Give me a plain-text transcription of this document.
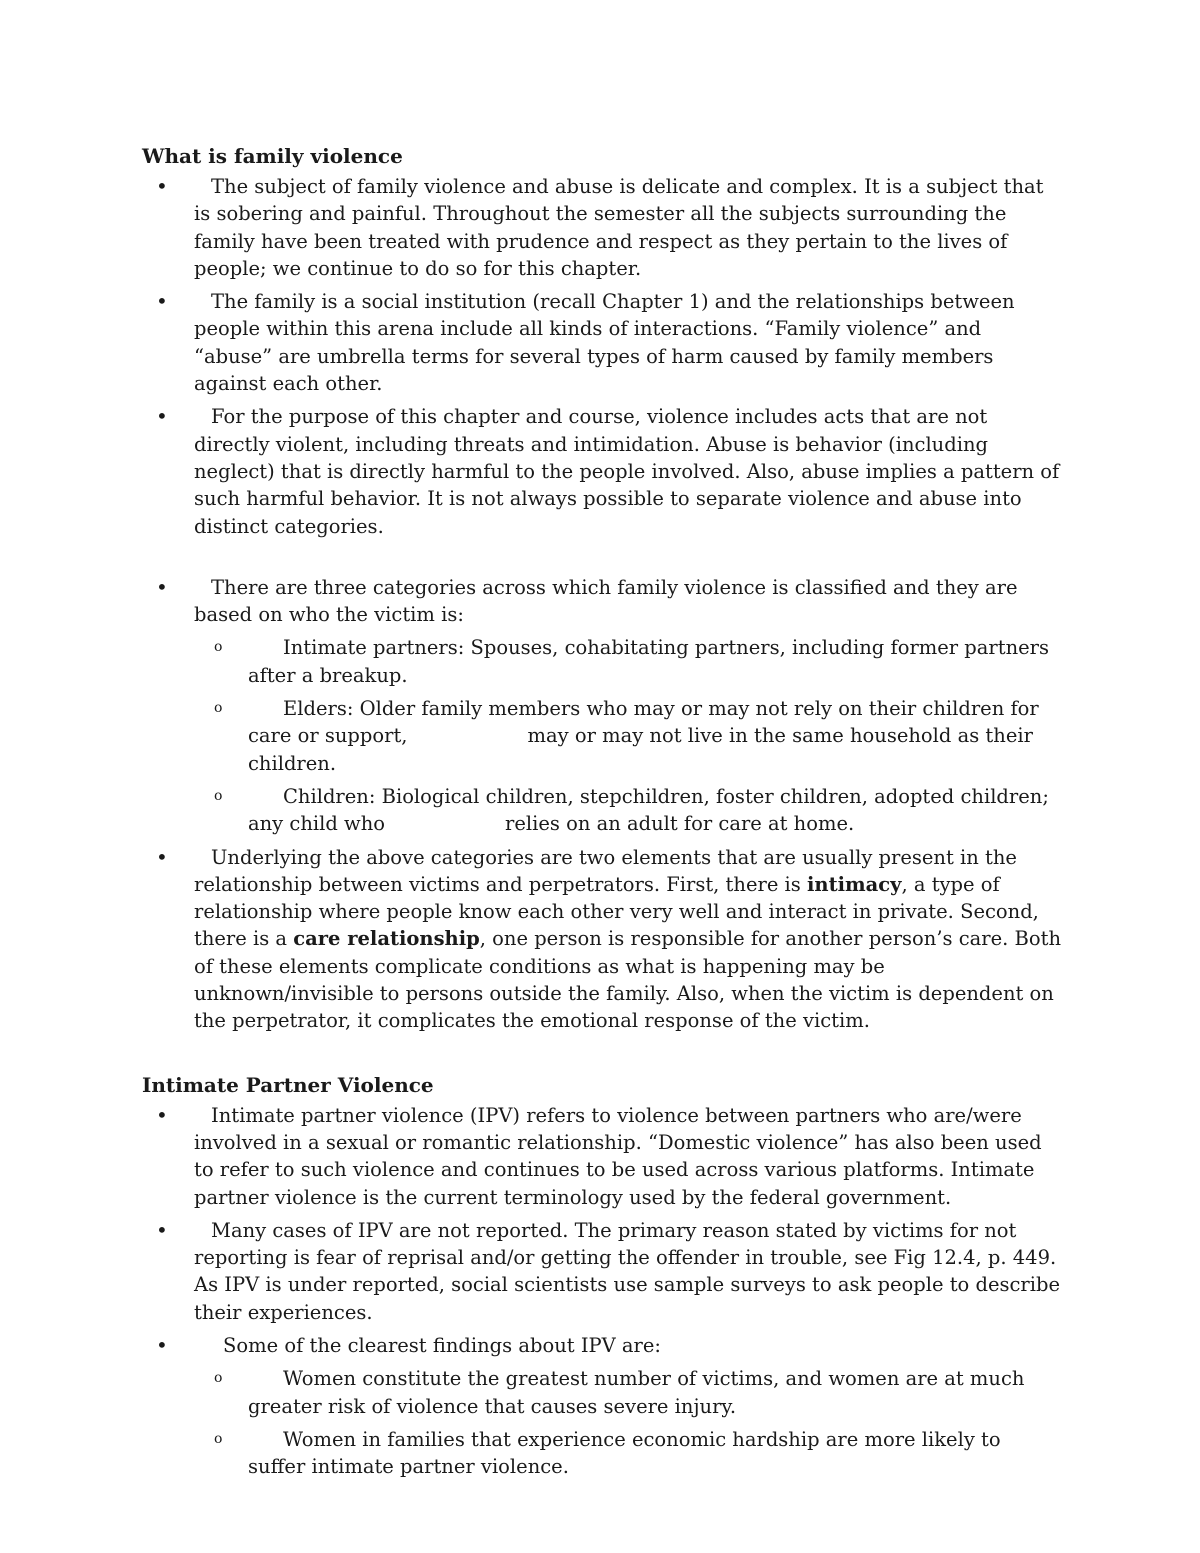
What is family violence
•	The subject of family violence and abuse is delicate and complex. It is a subject that is sobering and painful. Throughout the semester all the subjects surrounding the family have been treated with prudence and respect as they pertain to the lives of people; we continue to do so for this chapter.
•	The family is a social institution (recall Chapter 1) and the relationships between people within this arena include all kinds of interactions. “Family violence” and “abuse” are umbrella terms for several types of harm caused by family members against each other.
•	For the purpose of this chapter and course, violence includes acts that are not directly violent, including threats and intimidation. Abuse is behavior (including neglect) that is directly harmful to the people involved. Also, abuse implies a pattern of such harmful behavior. It is not always possible to separate violence and abuse into distinct categories.
•	There are three categories across which family violence is classified and they are based on who the victim is:
o	Intimate partners: Spouses, cohabitating partners, including former partners after a breakup.
o	Elders: Older family members who may or may not rely on their children for care or support,	may or may not live in the same household as their children.
o	Children: Biological children, stepchildren, foster children, adopted children; any child who	relies on an adult for care at home.
•	Underlying the above categories are two elements that are usually present in the relationship between victims and perpetrators. First, there is intimacy, a type of relationship where people know each other very well and interact in private. Second, there is a care relationship, one person is responsible for another person’s care. Both of these elements complicate conditions as what is happening may be unknown/invisible to persons outside the family. Also, when the victim is dependent on the perpetrator, it complicates the emotional response of the victim.
Intimate Partner Violence
•	Intimate partner violence (IPV) refers to violence between partners who are/were involved in a sexual or romantic relationship. “Domestic violence” has also been used to refer to such violence and continues to be used across various platforms. Intimate partner violence is the current terminology used by the federal government.
•	Many cases of IPV are not reported. The primary reason stated by victims for not reporting is fear of reprisal and/or getting the offender in trouble, see Fig 12.4, p. 449. As IPV is under reported, social scientists use sample surveys to ask people to describe their experiences.
•	Some of the clearest findings about IPV are:
o	Women constitute the greatest number of victims, and women are at much greater risk of violence that causes severe injury.
o	Women in families that experience economic hardship are more likely to suffer intimate partner violence.
